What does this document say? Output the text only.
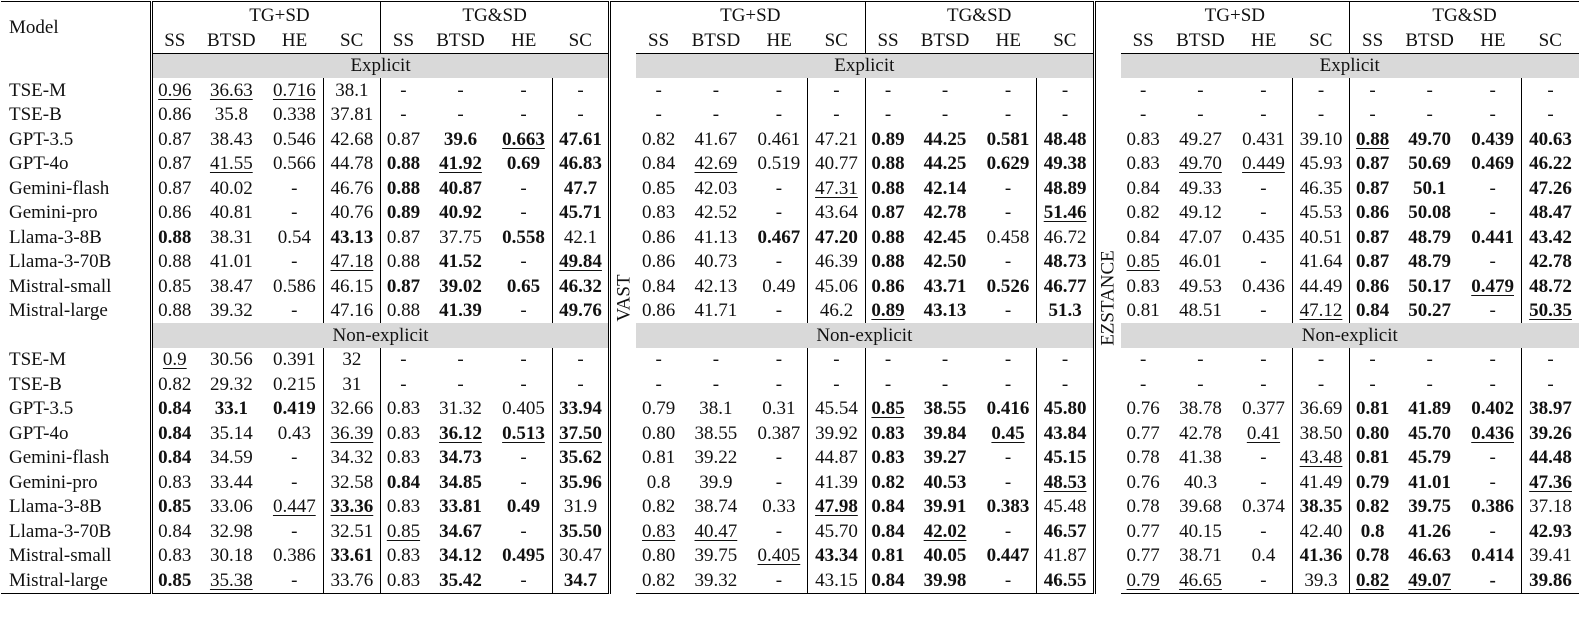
Model	TG+SD				TG&SD				VAST	TG+SD				TG&SD				EZSTANCE	TG+SD				TG&SD			
	SS	BTSD	HE	SC	SS	BTSD	HE	SC		SS	BTSD	HE	SC	SS	BTSD	HE	SC		SS	BTSD	HE	SC	SS	BTSD	HE	SC
	Explicit									Explicit									Explicit							
TSE-M	0.96	36.63	0.716	38.1	-	-	-	-		-	-	-	-	-	-	-	-		-	-	-	-	-	-	-	-
TSE-B	0.86	35.8	0.338	37.81	-	-	-	-		-	-	-	-	-	-	-	-		-	-	-	-	-	-	-	-
GPT-3.5	0.87	38.43	0.546	42.68	0.87	39.6	0.663	47.61		0.82	41.67	0.461	47.21	0.89	44.25	0.581	48.48		0.83	49.27	0.431	39.10	0.88	49.70	0.439	40.63
GPT-4o	0.87	41.55	0.566	44.78	0.88	41.92	0.69	46.83		0.84	42.69	0.519	40.77	0.88	44.25	0.629	49.38		0.83	49.70	0.449	45.93	0.87	50.69	0.469	46.22
Gemini-flash	0.87	40.02	-	46.76	0.88	40.87	-	47.7		0.85	42.03	-	47.31	0.88	42.14	-	48.89		0.84	49.33	-	46.35	0.87	50.1	-	47.26
Gemini-pro	0.86	40.81	-	40.76	0.89	40.92	-	45.71		0.83	42.52	-	43.64	0.87	42.78	-	51.46		0.82	49.12	-	45.53	0.86	50.08	-	48.47
Llama-3-8B	0.88	38.31	0.54	43.13	0.87	37.75	0.558	42.1		0.86	41.13	0.467	47.20	0.88	42.45	0.458	46.72		0.84	47.07	0.435	40.51	0.87	48.79	0.441	43.42
Llama-3-70B	0.88	41.01	-	47.18	0.88	41.52	-	49.84		0.86	40.73	-	46.39	0.88	42.50	-	48.73		0.85	46.01	-	41.64	0.87	48.79	-	42.78
Mistral-small	0.85	38.47	0.586	46.15	0.87	39.02	0.65	46.32		0.84	42.13	0.49	45.06	0.86	43.71	0.526	46.77		0.83	49.53	0.436	44.49	0.86	50.17	0.479	48.72
Mistral-large	0.88	39.32	-	47.16	0.88	41.39	-	49.76		0.86	41.71	-	46.2	0.89	43.13	-	51.3		0.81	48.51	-	47.12	0.84	50.27	-	50.35
	Non-explicit									Non-explicit									Non-explicit							
TSE-M	0.9	30.56	0.391	32	-	-	-	-		-	-	-	-	-	-	-	-		-	-	-	-	-	-	-	-
TSE-B	0.82	29.32	0.215	31	-	-	-	-		-	-	-	-	-	-	-	-		-	-	-	-	-	-	-	-
GPT-3.5	0.84	33.1	0.419	32.66	0.83	31.32	0.405	33.94		0.79	38.1	0.31	45.54	0.85	38.55	0.416	45.80		0.76	38.78	0.377	36.69	0.81	41.89	0.402	38.97
GPT-4o	0.84	35.14	0.43	36.39	0.83	36.12	0.513	37.50		0.80	38.55	0.387	39.92	0.83	39.84	0.45	43.84		0.77	42.78	0.41	38.50	0.80	45.70	0.436	39.26
Gemini-flash	0.84	34.59	-	34.32	0.83	34.73	-	35.62		0.81	39.22	-	44.87	0.83	39.27	-	45.15		0.78	41.38	-	43.48	0.81	45.79	-	44.48
Gemini-pro	0.83	33.44	-	32.58	0.84	34.85	-	35.96		0.8	39.9	-	41.39	0.82	40.53	-	48.53		0.76	40.3	-	41.49	0.79	41.01	-	47.36
Llama-3-8B	0.85	33.06	0.447	33.36	0.83	33.81	0.49	31.9		0.82	38.74	0.33	47.98	0.84	39.91	0.383	45.48		0.78	39.68	0.374	38.35	0.82	39.75	0.386	37.18
Llama-3-70B	0.84	32.98	-	32.51	0.85	34.67	-	35.50		0.83	40.47	-	45.70	0.84	42.02	-	46.57		0.77	40.15	-	42.40	0.8	41.26	-	42.93
Mistral-small	0.83	30.18	0.386	33.61	0.83	34.12	0.495	30.47		0.80	39.75	0.405	43.34	0.81	40.05	0.447	41.87		0.77	38.71	0.4	41.36	0.78	46.63	0.414	39.41
Mistral-large	0.85	35.38	-	33.76	0.83	35.42	-	34.7		0.82	39.32	-	43.15	0.84	39.98	-	46.55		0.79	46.65	-	39.3	0.82	49.07	-	39.86
